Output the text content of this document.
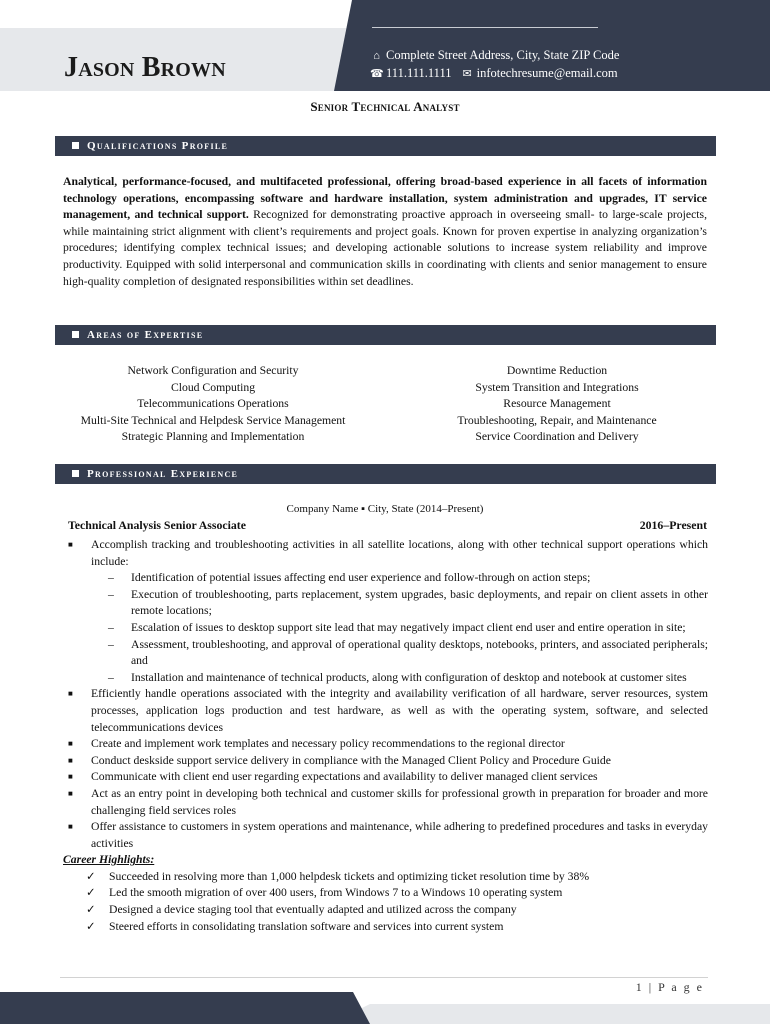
Jason Brown	⌂ Complete Street Address, City, State ZIP Code
☎ 111.111.1111 ✉ infotechresume@email.com
Senior Technical Analyst
Qualifications Profile
Analytical, performance-focused, and multifaceted professional, offering broad-based experience in all facets of information technology operations, encompassing software and hardware installation, system administration and upgrades, IT service management, and technical support. Recognized for demonstrating proactive approach in overseeing small- to large-scale projects, while maintaining strict alignment with client’s requirements and project goals. Known for proven expertise in analyzing organization’s procedures; identifying complex technical issues; and developing actionable solutions to increase system reliability and improve productivity. Equipped with solid interpersonal and communication skills in coordinating with clients and senior management to ensure high-quality completion of designated responsibilities within set deadlines.
Areas of Expertise
Network Configuration and Security
Cloud Computing
Telecommunications Operations
Multi-Site Technical and Helpdesk Service Management
Strategic Planning and Implementation
Downtime Reduction
System Transition and Integrations
Resource Management
Troubleshooting, Repair, and Maintenance
Service Coordination and Delivery
Professional Experience
Company Name ▪ City, State (2014–Present)
Technical Analysis Senior Associate	2016–Present
■ Accomplish tracking and troubleshooting activities in all satellite locations, along with other technical support operations which include:
– Identification of potential issues affecting end user experience and follow-through on action steps;
– Execution of troubleshooting, parts replacement, system upgrades, basic deployments, and repair on client assets in other remote locations;
– Escalation of issues to desktop support site lead that may negatively impact client end user and entire operation in site;
– Assessment, troubleshooting, and approval of operational quality desktops, notebooks, printers, and associated peripherals; and
– Installation and maintenance of technical products, along with configuration of desktop and notebook at customer sites
■ Efficiently handle operations associated with the integrity and availability verification of all hardware, server resources, system processes, application logs production and test hardware, as well as with the operating system, software, and selected telecommunications devices
■ Create and implement work templates and necessary policy recommendations to the regional director
■ Conduct deskside support service delivery in compliance with the Managed Client Policy and Procedure Guide
■ Communicate with client end user regarding expectations and availability to deliver managed client services
■ Act as an entry point in developing both technical and customer skills for professional growth in preparation for broader and more challenging field services roles
■ Offer assistance to customers in system operations and maintenance, while adhering to predefined procedures and tasks in everyday activities
Career Highlights:
✓ Succeeded in resolving more than 1,000 helpdesk tickets and optimizing ticket resolution time by 38%
✓ Led the smooth migration of over 400 users, from Windows 7 to a Windows 10 operating system
✓ Designed a device staging tool that eventually adapted and utilized across the company
✓ Steered efforts in consolidating translation software and services into current system
1 | P a g e
